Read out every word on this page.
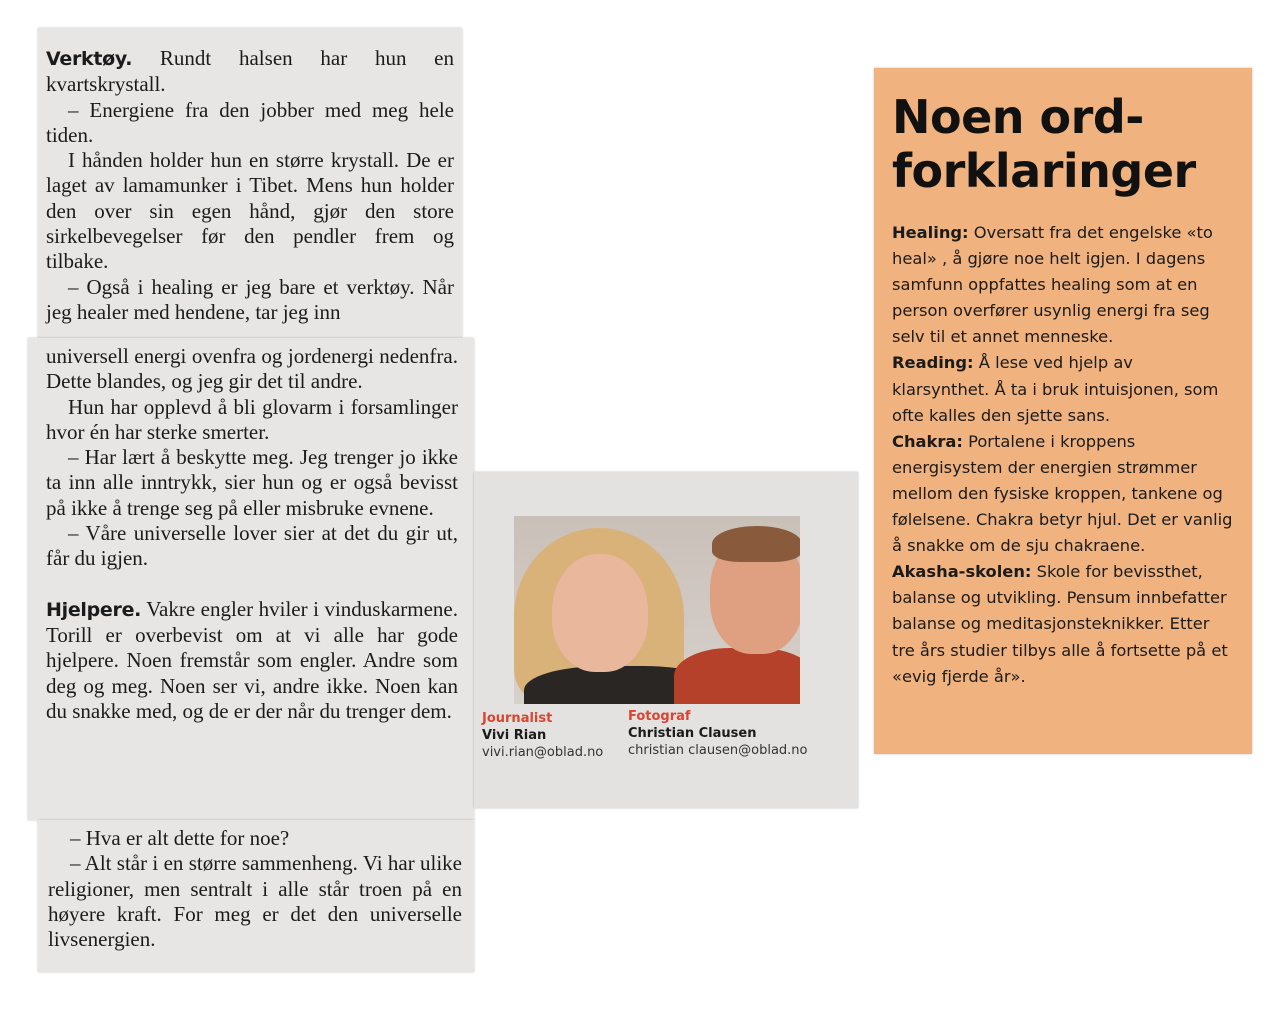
Verktøy. Rundt halsen har hun en kvartskrystall.

– Energiene fra den jobber med meg hele tiden.

I hånden holder hun en større krystall. De er laget av lamamunker i Tibet. Mens hun holder den over sin egen hånd, gjør den store sirkelbevegelser før den pendler frem og tilbake.

– Også i healing er jeg bare et verktøy. Når jeg healer med hendene, tar jeg inn

universell energi ovenfra og jordenergi nedenfra. Dette blandes, og jeg gir det til andre.

Hun har opplevd å bli glovarm i forsamlinger hvor én har sterke smerter.

– Har lært å beskytte meg. Jeg trenger jo ikke ta inn alle inntrykk, sier hun og er også bevisst på ikke å trenge seg på eller misbruke evnene.

– Våre universelle lover sier at det du gir ut, får du igjen.

Hjelpere. Vakre engler hviler i vinduskarmene. Torill er overbevist om at vi alle har gode hjelpere. Noen fremstår som engler. Andre som deg og meg. Noen ser vi, andre ikke. Noen kan du snakke med, og de er der når du trenger dem.

– Hva er alt dette for noe?

– Alt står i en større sammenheng. Vi har ulike religioner, men sentralt i alle står troen på en høyere kraft. For meg er det den universelle livsenergien.

Journalist
Vivi Rian
vivi.rian@oblad.no
Fotograf
Christian Clausen
christian clausen@oblad.no
Noen ord-
forklaringer

Healing: Oversatt fra det engelske «to heal» , å gjøre noe helt igjen. I dagens samfunn oppfattes healing som at en person overfører usynlig energi fra seg selv til et annet menneske.

Reading: Å lese ved hjelp av klarsynthet. Å ta i bruk intuisjonen, som ofte kalles den sjette sans.

Chakra: Portalene i kroppens energisystem der energien strømmer mellom den fysiske kroppen, tankene og følelsene. Chakra betyr hjul. Det er vanlig å snakke om de sju chakraene.

Akasha-skolen: Skole for bevissthet, balanse og utvikling. Pensum innbefatter balanse og meditasjonsteknikker. Etter tre års studier tilbys alle å fortsette på et «evig fjerde år».
